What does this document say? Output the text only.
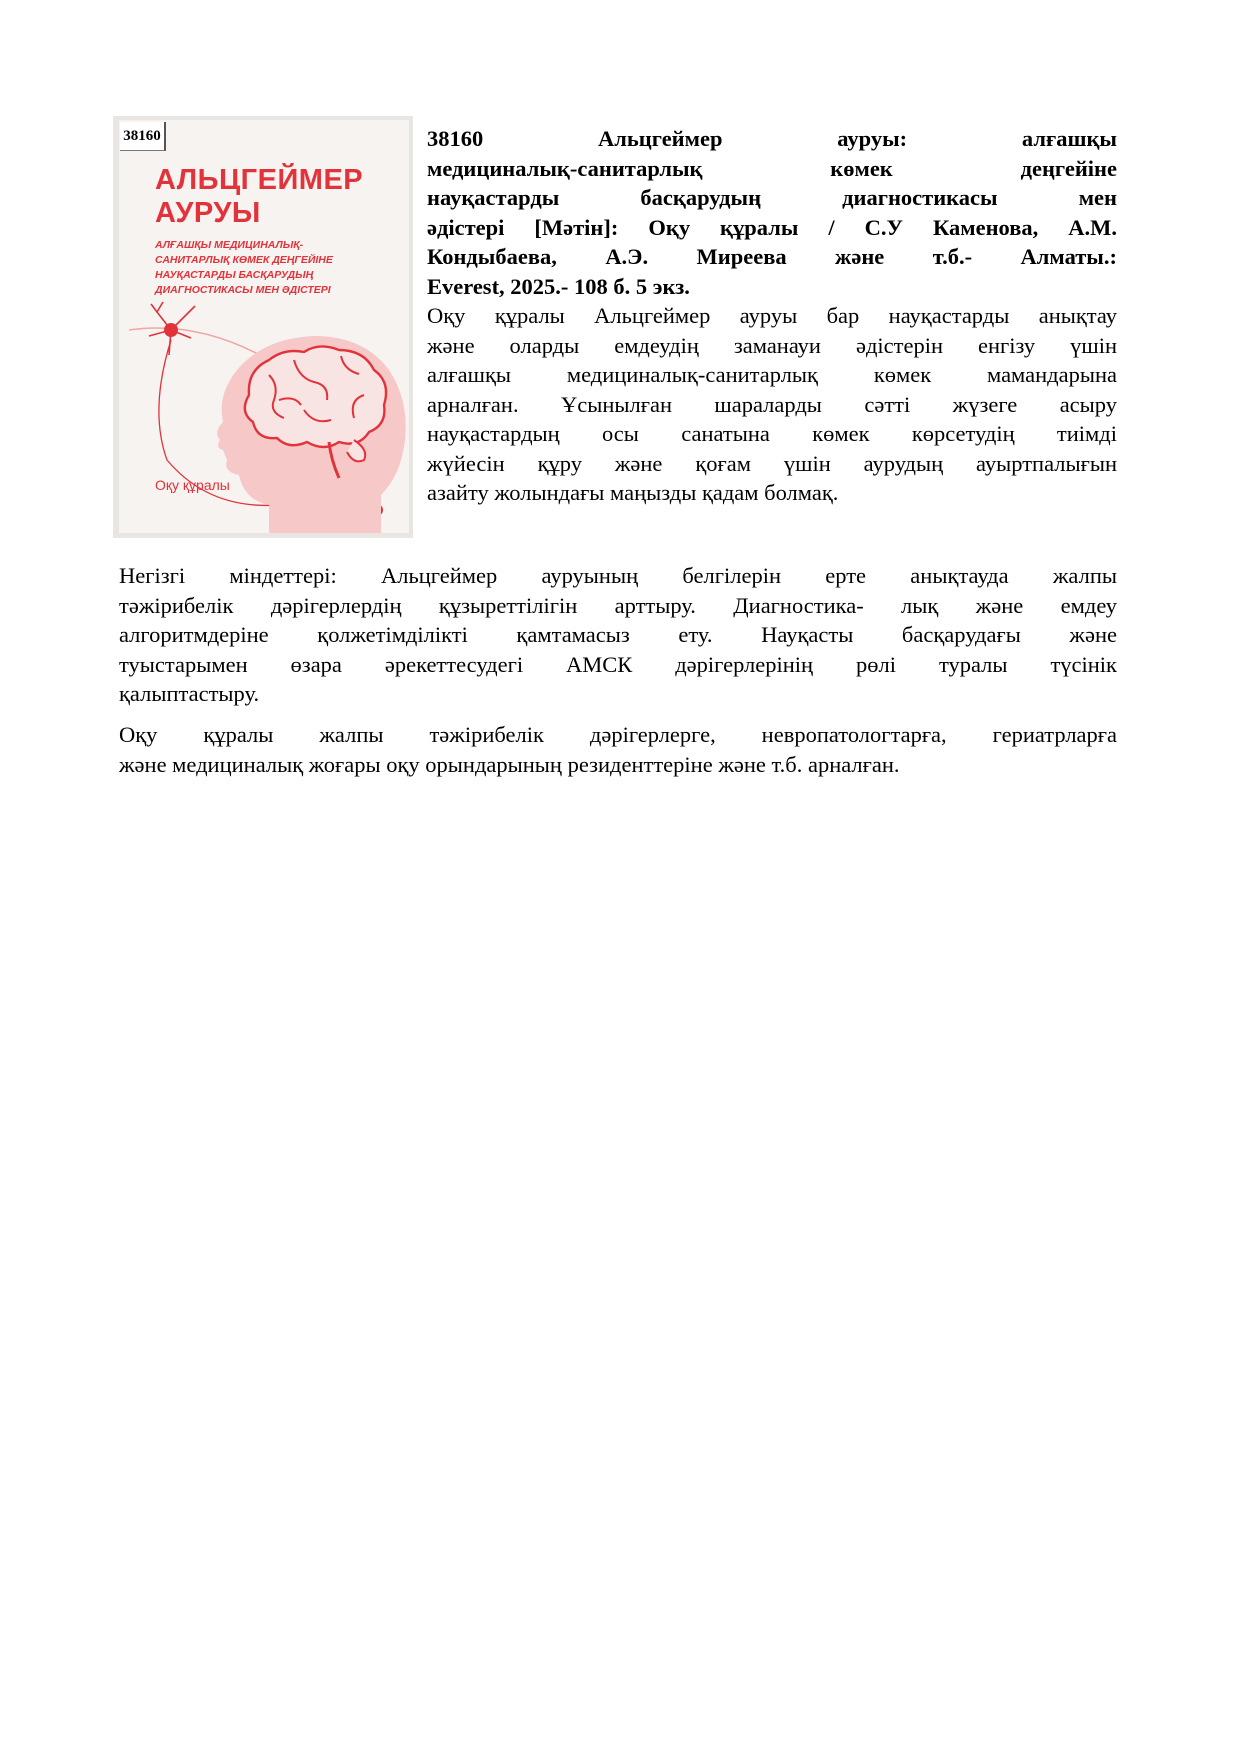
38160
АЛЬЦГЕЙМЕР
АУРУЫ
АЛҒАШҚЫ МЕДИЦИНАЛЫҚ-
САНИТАРЛЫҚ КӨМЕК ДЕҢГЕЙІНЕ
НАУҚАСТАРДЫ БАСҚАРУДЫҢ
ДИАГНОСТИКАСЫ МЕН ӘДІСТЕРІ
Оқу құралы
38160 Альцгеймер ауруы: алғашқы
медициналық-санитарлық көмек деңгейіне
науқастарды басқарудың диагностикасы мен
әдістері [Мәтін]: Оқу құралы / С.У Каменова, А.М.
Кондыбаева, А.Э. Миреева және т.б.- Алматы.:
Everest, 2025.- 108 б. 5 экз.
Оқу құралы Альцгеймер ауруы бар науқастарды анықтау
және оларды емдеудің заманауи әдістерін енгізу үшін
алғашқы медициналық-санитарлық көмек мамандарына
арналған. Ұсынылған шараларды сәтті жүзеге асыру
науқастардың осы санатына көмек көрсетудің тиімді
жүйесін құру және қоғам үшін аурудың ауыртпалығын
азайту жолындағы маңызды қадам болмақ.
Негізгі міндеттері: Альцгеймер ауруының белгілерін ерте анықтауда жалпы
тәжірибелік дәрігерлердің құзыреттілігін арттыру. Диагностика- лық және емдеу
алгоритмдеріне қолжетімділікті қамтамасыз ету. Науқасты басқарудағы және
туыстарымен өзара әрекеттесудегі АМСК дәрігерлерінің рөлі туралы түсінік
қалыптастыру.
Оқу құралы жалпы тәжірибелік дәрігерлерге, невропатологтарға, гериатрларға
және медициналық жоғары оқу орындарының резиденттеріне және т.б. арналған.
